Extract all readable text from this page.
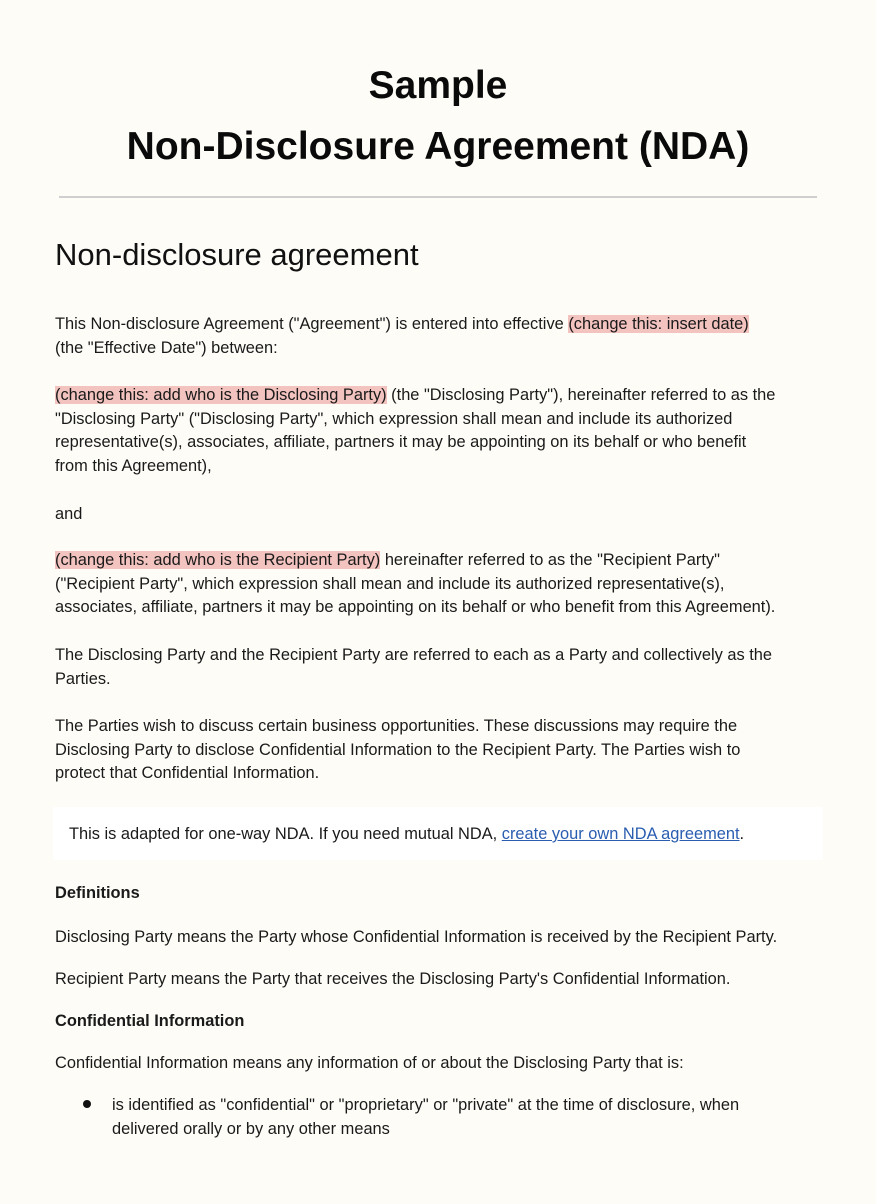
Sample
Non-Disclosure Agreement (NDA)
Non-disclosure agreement
This Non-disclosure Agreement ("Agreement") is entered into effective (change this: insert date)
(the "Effective Date") between:
(change this: add who is the Disclosing Party) (the "Disclosing Party"), hereinafter referred to as the
"Disclosing Party" ("Disclosing Party", which expression shall mean and include its authorized
representative(s), associates, affiliate, partners it may be appointing on its behalf or who benefit
from this Agreement),
and
(change this: add who is the Recipient Party) hereinafter referred to as the "Recipient Party"
("Recipient Party", which expression shall mean and include its authorized representative(s),
associates, affiliate, partners it may be appointing on its behalf or who benefit from this Agreement).
The Disclosing Party and the Recipient Party are referred to each as a Party and collectively as the
Parties.
The Parties wish to discuss certain business opportunities. These discussions may require the
Disclosing Party to disclose Confidential Information to the Recipient Party. The Parties wish to
protect that Confidential Information.
This is adapted for one-way NDA. If you need mutual NDA, create your own NDA agreement.
Definitions
Disclosing Party means the Party whose Confidential Information is received by the Recipient Party.
Recipient Party means the Party that receives the Disclosing Party's Confidential Information.
Confidential Information
Confidential Information means any information of or about the Disclosing Party that is:
is identified as "confidential" or "proprietary" or "private" at the time of disclosure, when
delivered orally or by any other means
